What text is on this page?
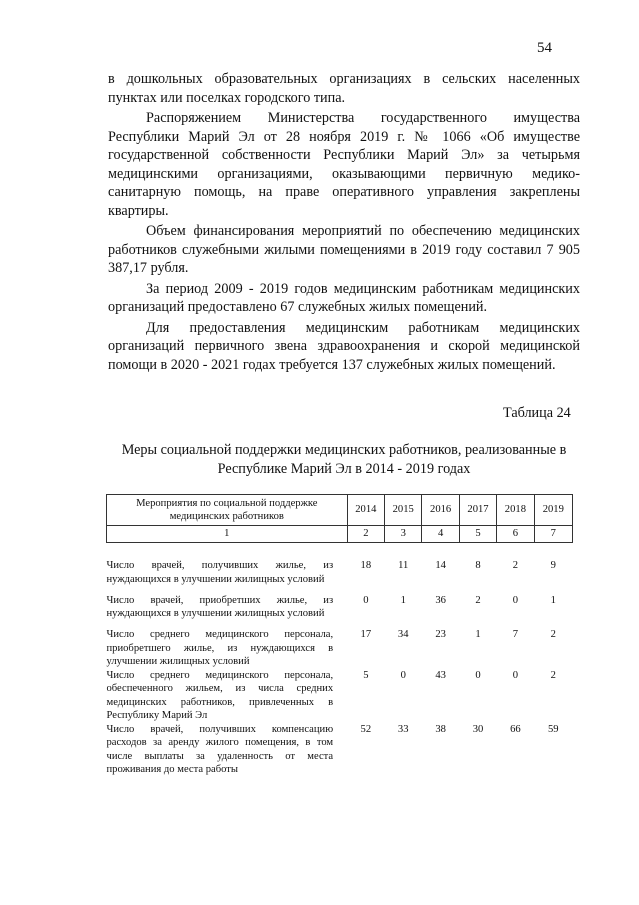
54

в дошкольных образовательных организациях в сельских населенных пунктах или поселках городского типа.

Распоряжением Министерства государственного имущества Республики Марий Эл от 28 ноября 2019 г. № 1066 «Об имуществе государственной собственности Республики Марий Эл» за четырьмя медицинскими организациями, оказывающими первичную медико-санитарную помощь, на праве оперативного управления закреплены квартиры.

Объем финансирования мероприятий по обеспечению медицинских работников служебными жилыми помещениями в 2019 году составил 7 905 387,17 рубля.

За период 2009 - 2019 годов медицинским работникам медицинских организаций предоставлено 67 служебных жилых помещений.

Для предоставления медицинским работникам медицинских организаций первичного звена здравоохранения и скорой медицинской помощи в 2020 - 2021 годах требуется 137 служебных жилых помещений.

Таблица 24
Меры социальной поддержки медицинских работников, реализованные в Республике Марий Эл в 2014 - 2019 годах
Мероприятия по социальной поддержке медицинских работников	2014	2015	2016	2017	2018	2019
1	2	3	4	5	6	7
Число врачей, получивших жилье, из нуждающихся в улучшении жилищных условий	18	11	14	8	2	9
Число врачей, приобретших жилье, из нуждающихся в улучшении жилищных условий	0	1	36	2	0	1
Число среднего медицинского персонала, приобретшего жилье, из нуждающихся в улучшении жилищных условий	17	34	23	1	7	2
Число среднего медицинского персонала, обеспеченного жильем, из числа средних медицинских работников, привлеченных в Республику Марий Эл	5	0	43	0	0	2
Число врачей, получивших компенсацию расходов за аренду жилого помещения, в том числе выплаты за удаленность от места проживания до места работы	52	33	38	30	66	59
